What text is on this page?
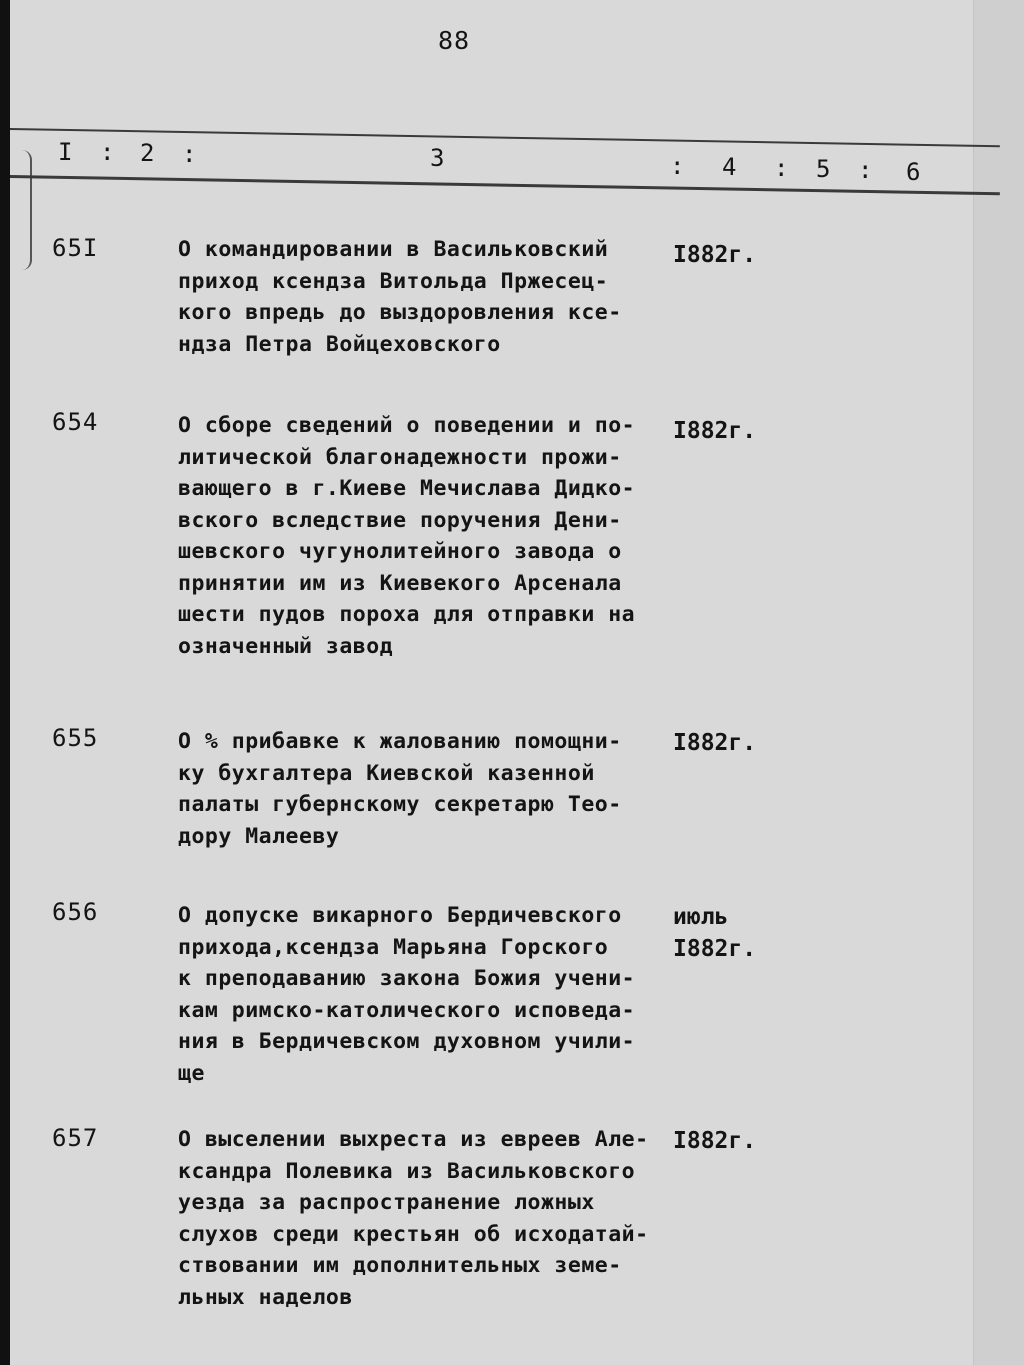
88
I : 2 :	3	: 4 : 5 : 6
65I	О командировании в Васильковский
приход ксендза Витольда Пржесец-
кого впредь до выздоровления ксе-
ндза Петра Войцеховского
I882г.
654	О сборе сведений о поведении и по-
литической благонадежности прожи-
вающего в г.Киеве Мечислава Дидко-
вского вследствие поручения Дени-
шевского чугунолитейного завода о
принятии им из Киевекого Арсенала
шести пудов пороха для отправки на
означенный завод
I882г.
655	О % прибавке к жалованию помощни-
ку бухгалтера Киевской казенной
палаты губернскому секретарю Тео-
дору Малееву
I882г.
656	О допуске викарного Бердичевского
прихода,ксендза Марьяна Горского
к преподаванию закона Божия учени-
кам римско-католического исповеда-
ния в Бердичевском духовном учили-
ще
июль
I882г.
657	О выселении выхреста из евреев Але-
ксандра Полевика из Васильковского
уезда за распространение ложных
слухов среди крестьян об исходатай-
ствовании им дополнительных земе-
льных наделов
I882г.
